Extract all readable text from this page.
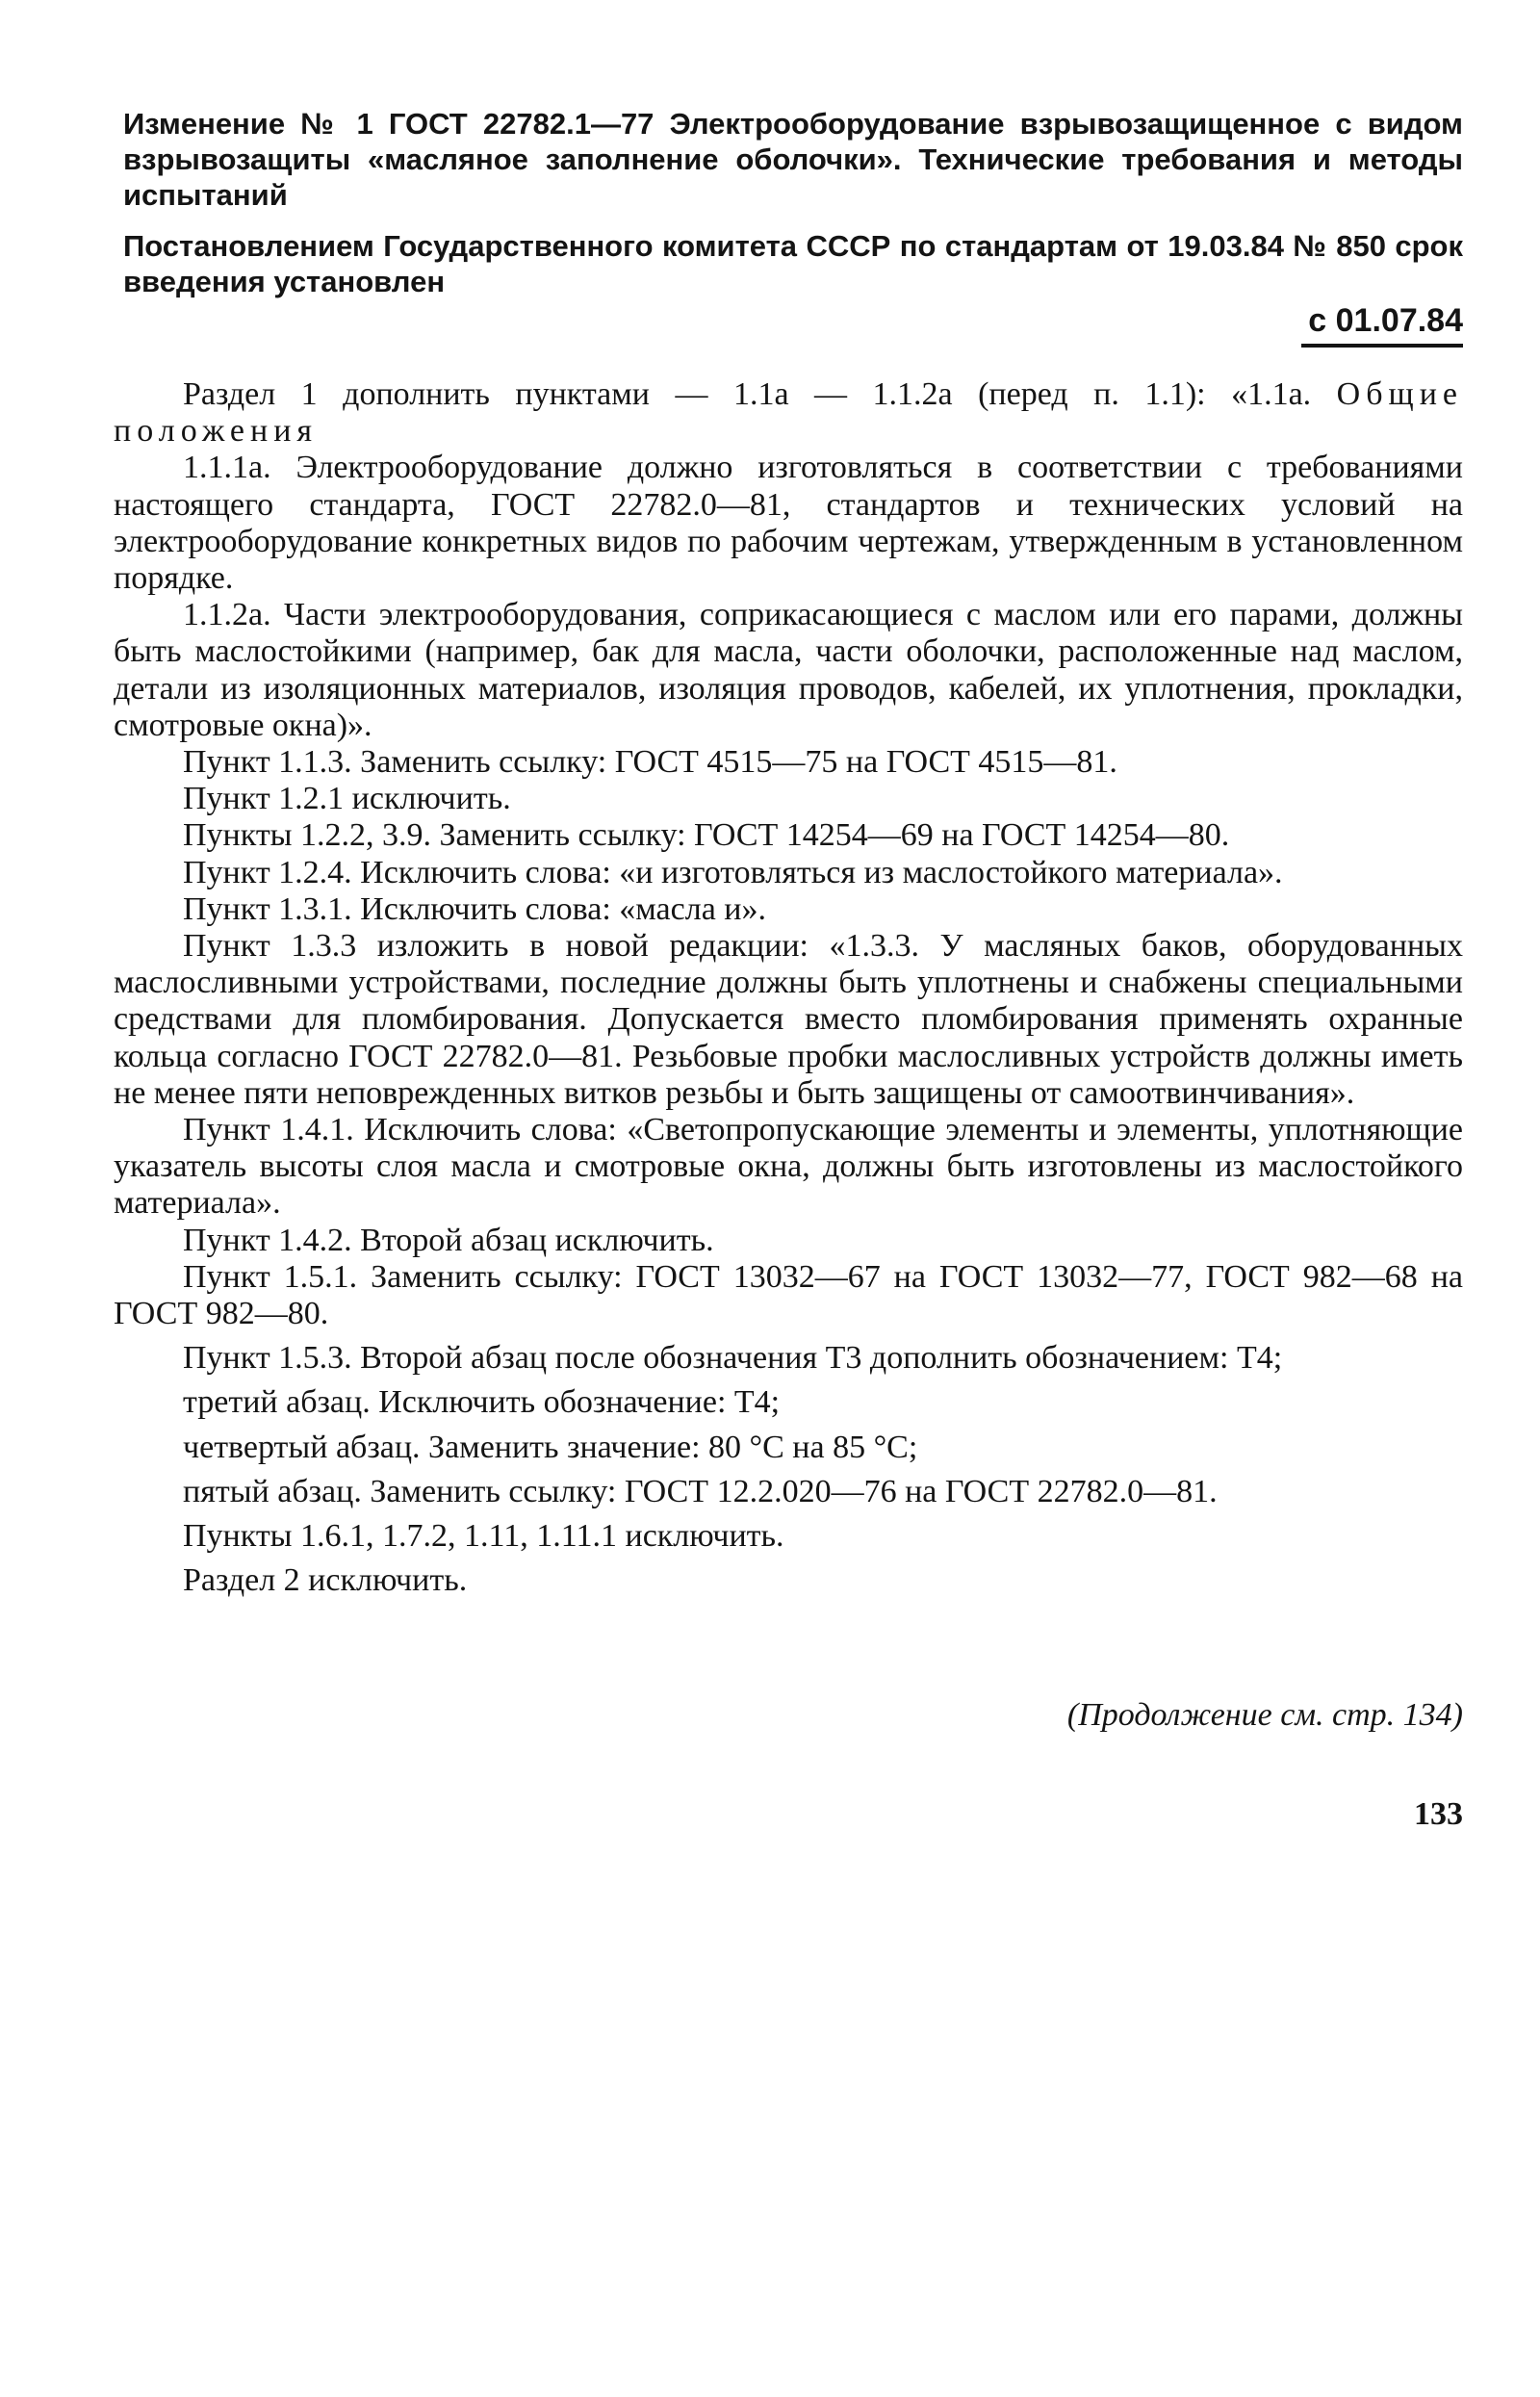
Изменение № 1 ГОСТ 22782.1—77 Электрооборудование взрывозащищенное с видом взрывозащиты «масляное заполнение оболочки». Технические требования и методы испытаний

Постановлением Государственного комитета СССР по стандартам от 19.03.84 № 850 срок введения установлен

с 01.07.84

Раздел 1 дополнить пунктами — 1.1а — 1.1.2а (перед п. 1.1): «1.1а. Общие положения

1.1.1а. Электрооборудование должно изготовляться в соответствии с требованиями настоящего стандарта, ГОСТ 22782.0—81, стандартов и технических условий на электрооборудование конкретных видов по рабочим чертежам, утвержденным в установленном порядке.

1.1.2а. Части электрооборудования, соприкасающиеся с маслом или его парами, должны быть маслостойкими (например, бак для масла, части оболочки, расположенные над маслом, детали из изоляционных материалов, изоляция проводов, кабелей, их уплотнения, прокладки, смотровые окна)».

Пункт 1.1.3. Заменить ссылку: ГОСТ 4515—75 на ГОСТ 4515—81.

Пункт 1.2.1 исключить.

Пункты 1.2.2, 3.9. Заменить ссылку: ГОСТ 14254—69 на ГОСТ 14254—80.

Пункт 1.2.4. Исключить слова: «и изготовляться из маслостойкого материала».

Пункт 1.3.1. Исключить слова: «масла и».

Пункт 1.3.3 изложить в новой редакции: «1.3.3. У масляных баков, оборудованных маслосливными устройствами, последние должны быть уплотнены и снабжены специальными средствами для пломбирования. Допускается вместо пломбирования применять охранные кольца согласно ГОСТ 22782.0—81. Резьбовые пробки маслосливных устройств должны иметь не менее пяти неповрежденных витков резьбы и быть защищены от самоотвинчивания».

Пункт 1.4.1. Исключить слова: «Светопропускающие элементы и элементы, уплотняющие указатель высоты слоя масла и смотровые окна, должны быть изготовлены из маслостойкого материала».

Пункт 1.4.2. Второй абзац исключить.

Пункт 1.5.1. Заменить ссылку: ГОСТ 13032—67 на ГОСТ 13032—77, ГОСТ 982—68 на ГОСТ 982—80.

Пункт 1.5.3. Второй абзац после обозначения Т3 дополнить обозначением: Т4;

третий абзац. Исключить обозначение: Т4;

четвертый абзац. Заменить значение: 80 °С на 85 °С;

пятый абзац. Заменить ссылку: ГОСТ 12.2.020—76 на ГОСТ 22782.0—81.

Пункты 1.6.1, 1.7.2, 1.11, 1.11.1 исключить.

Раздел 2 исключить.

(Продолжение см. стр. 134)
133
